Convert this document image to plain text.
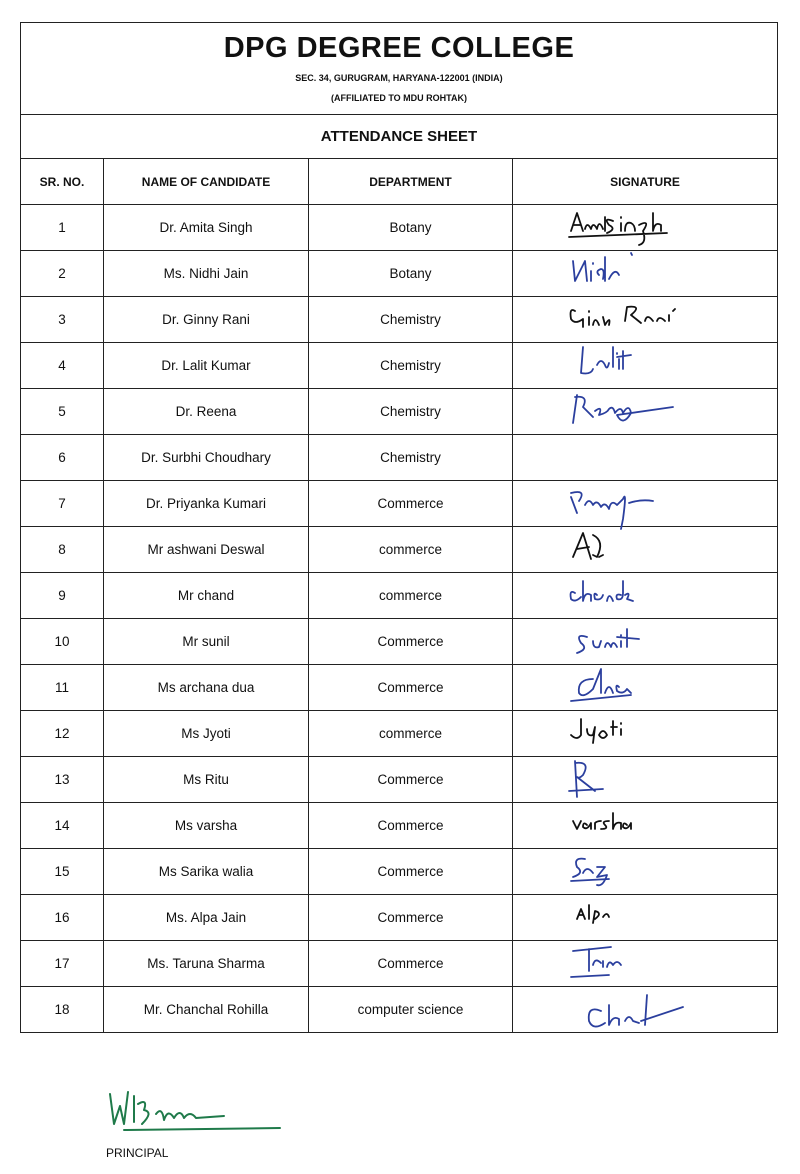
DPG DEGREE COLLEGE
SEC. 34, GURUGRAM, HARYANA-122001 (INDIA)
(AFFILIATED TO MDU ROHTAK)
ATTENDANCE SHEET
SR. NO.	NAME OF CANDIDATE	DEPARTMENT	SIGNATURE
1	Dr. Amita Singh	Botany	

2	Ms. Nidhi Jain	Botany	

3	Dr. Ginny Rani	Chemistry	

4	Dr. Lalit Kumar	Chemistry	

5	Dr. Reena	Chemistry	

6	Dr. Surbhi Choudhary	Chemistry	
7	Dr. Priyanka Kumari	Commerce	

8	Mr ashwani Deswal	commerce	

9	Mr chand	commerce	

10	Mr sunil	Commerce	

11	Ms archana dua	Commerce	

12	Ms Jyoti	commerce	

13	Ms Ritu	Commerce	

14	Ms varsha	Commerce	

15	Ms Sarika walia	Commerce	

16	Ms. Alpa Jain	Commerce	

17	Ms. Taruna Sharma	Commerce	

18	Mr. Chanchal Rohilla	computer science	
PRINCIPAL
